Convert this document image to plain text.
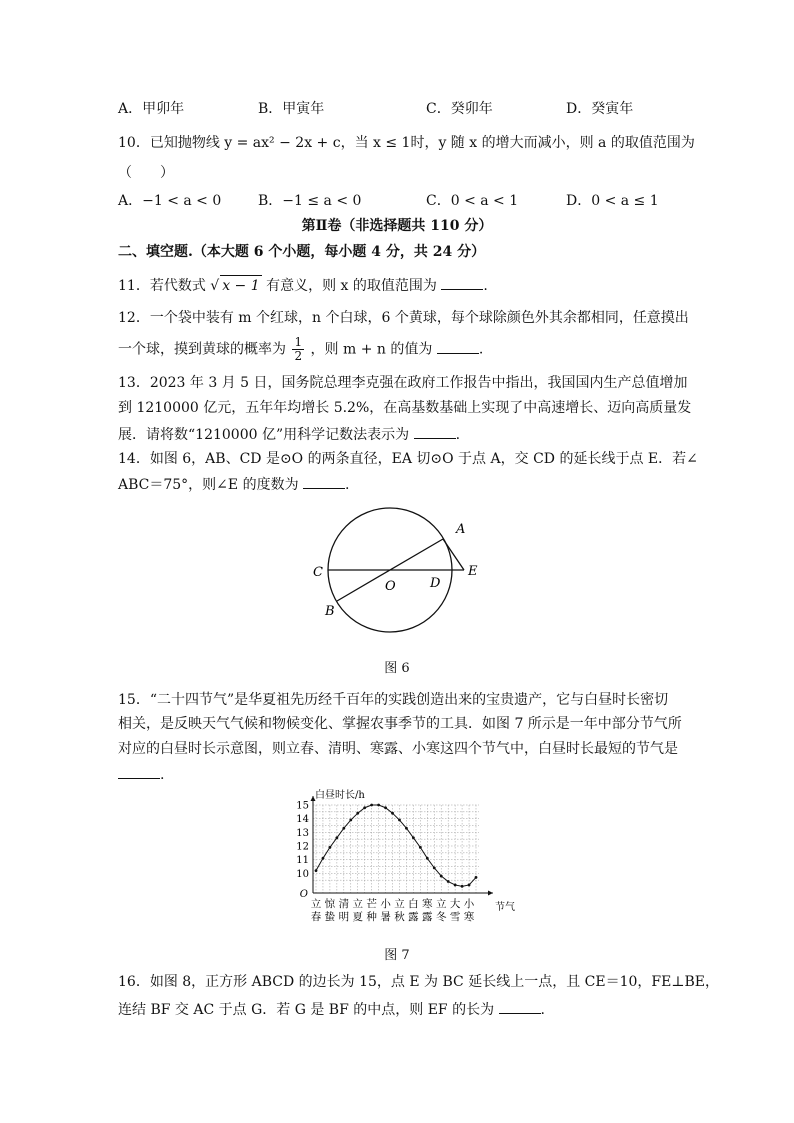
A．甲卯年	B．甲寅年	C．癸卯年	D．癸寅年
10．已知抛物线 y = ax² − 2x + c，当 x ≤ 1时，y 随 x 的增大而减小，则 a 的取值范围为
（　　）
A．−1 < a < 0	B．−1 ≤ a < 0	C．0 < a < 1	D．0 < a ≤ 1
第Ⅱ卷（非选择题共 110 分）
二、填空题.（本大题 6 个小题，每小题 4 分，共 24 分）
11．若代数式 √ x − 1 有意义，则 x 的取值范围为	.
12．一个袋中装有 m 个红球，n 个白球，6 个黄球，每个球除颜色外其余都相同，任意摸出
一个球，摸到黄球的概率为 $\frac{1}{2}$ ，则 m + n 的值为	.
13．2023 年 3 月 5 日，国务院总理李克强在政府工作报告中指出，我国国内生产总值增加
到 1210000 亿元，五年年均增长 5.2%，在高基数基础上实现了中高速增长、迈向高质量发
展．请将数“1210000 亿”用科学记数法表示为	.
14．如图 6，AB、CD 是⊙O 的两条直径，EA 切⊙O 于点 A，交 CD 的延长线于点 E．若∠
ABC＝75°，则∠E 的度数为	.
A
B
C
D
E
O
图 6
15．“二十四节气”是华夏祖先历经千百年的实践创造出来的宝贵遗产，它与白昼时长密切
相关，是反映天气气候和物候变化、掌握农事季节的工具．如图 7 所示是一年中部分节气所
对应的白昼时长示意图，则立春、清明、寒露、小寒这四个节气中，白昼时长最短的节气是
.
10
11
12
13
14
15
O
白昼时长/h
节气
立
春
惊
蛰
清
明
立
夏
芒
种
小
暑
立
秋
白
露
寒
露
立
冬
大
雪
小
寒
图 7
16．如图 8，正方形 ABCD 的边长为 15，点 E 为 BC 延长线上一点，且 CE＝10，FE⊥BE，
连结 BF 交 AC 于点 G．若 G 是 BF 的中点，则 EF 的长为	.
